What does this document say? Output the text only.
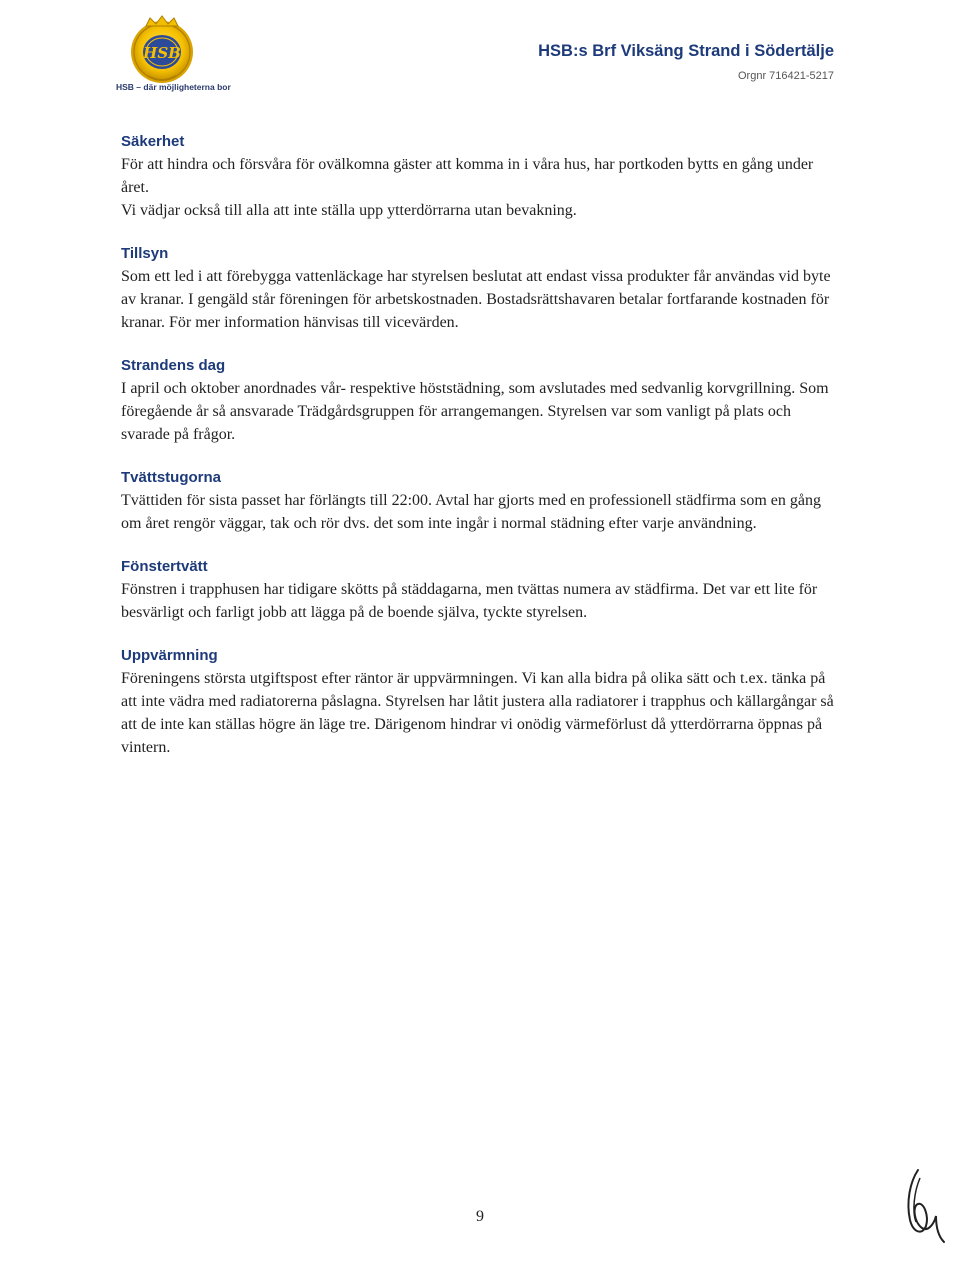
HSB
HSB – där möjligheterna bor
HSB:s Brf Viksäng Strand i Södertälje
Orgnr 716421-5217
Säkerhet

För att hindra och försvåra för ovälkomna gäster att komma in i våra hus, har portkoden bytts en gång under året.

Vi vädjar också till alla att inte ställa upp ytterdörrarna utan bevakning.

Tillsyn

Som ett led i att förebygga vattenläckage har styrelsen beslutat att endast vissa produkter får användas vid byte av kranar. I gengäld står föreningen för arbetskostnaden. Bostadsrättshavaren betalar fortfarande kostnaden för kranar. För mer information hänvisas till vicevärden.

Strandens dag

I april och oktober anordnades vår- respektive höststädning, som avslutades med sedvanlig korvgrillning. Som föregående år så ansvarade Trädgårdsgruppen för arrangemangen. Styrelsen var som vanligt på plats och svarade på frågor.

Tvättstugorna

Tvättiden för sista passet har förlängts till 22:00. Avtal har gjorts med en professionell städfirma som en gång om året rengör väggar, tak och rör dvs. det som inte ingår i normal städning efter varje användning.

Fönstertvätt

Fönstren i trapphusen har tidigare skötts på städdagarna, men tvättas numera av städfirma. Det var ett lite för besvärligt och farligt jobb att lägga på de boende själva, tyckte styrelsen.

Uppvärmning

Föreningens största utgiftspost efter räntor är uppvärmningen. Vi kan alla bidra på olika sätt och t.ex. tänka på att inte vädra med radiatorerna påslagna. Styrelsen har låtit justera alla radiatorer i trapphus och källargångar så att de inte kan ställas högre än läge tre. Därigenom hindrar vi onödig värmeförlust då ytterdörrarna öppnas på vintern.

9
